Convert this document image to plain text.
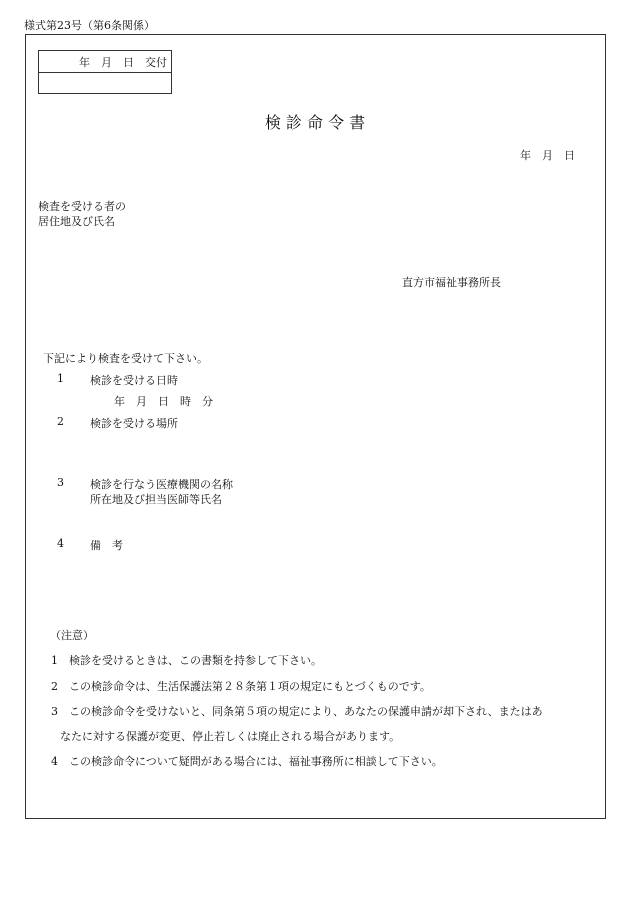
様式第23号（第6条関係）
年　月　日　交付
検 診 命 令 書
年　月　日
検査を受ける者の
居住地及び氏名
直方市福祉事務所長
下記により検査を受けて下さい。
1 検診を受ける日時
年　月　日　時　分
2 検診を受ける場所
3 検診を行なう医療機関の名称
所在地及び担当医師等氏名
4 備　考
（注意）
1　検診を受けるときは、この書類を持参して下さい。
2　この検診命令は、生活保護法第２８条第１項の規定にもとづくものです。
3　この検診命令を受けないと、同条第５項の規定により、あなたの保護申請が却下され、またはあ
なたに対する保護が変更、停止若しくは廃止される場合があります。
4　この検診命令について疑問がある場合には、福祉事務所に相談して下さい。
